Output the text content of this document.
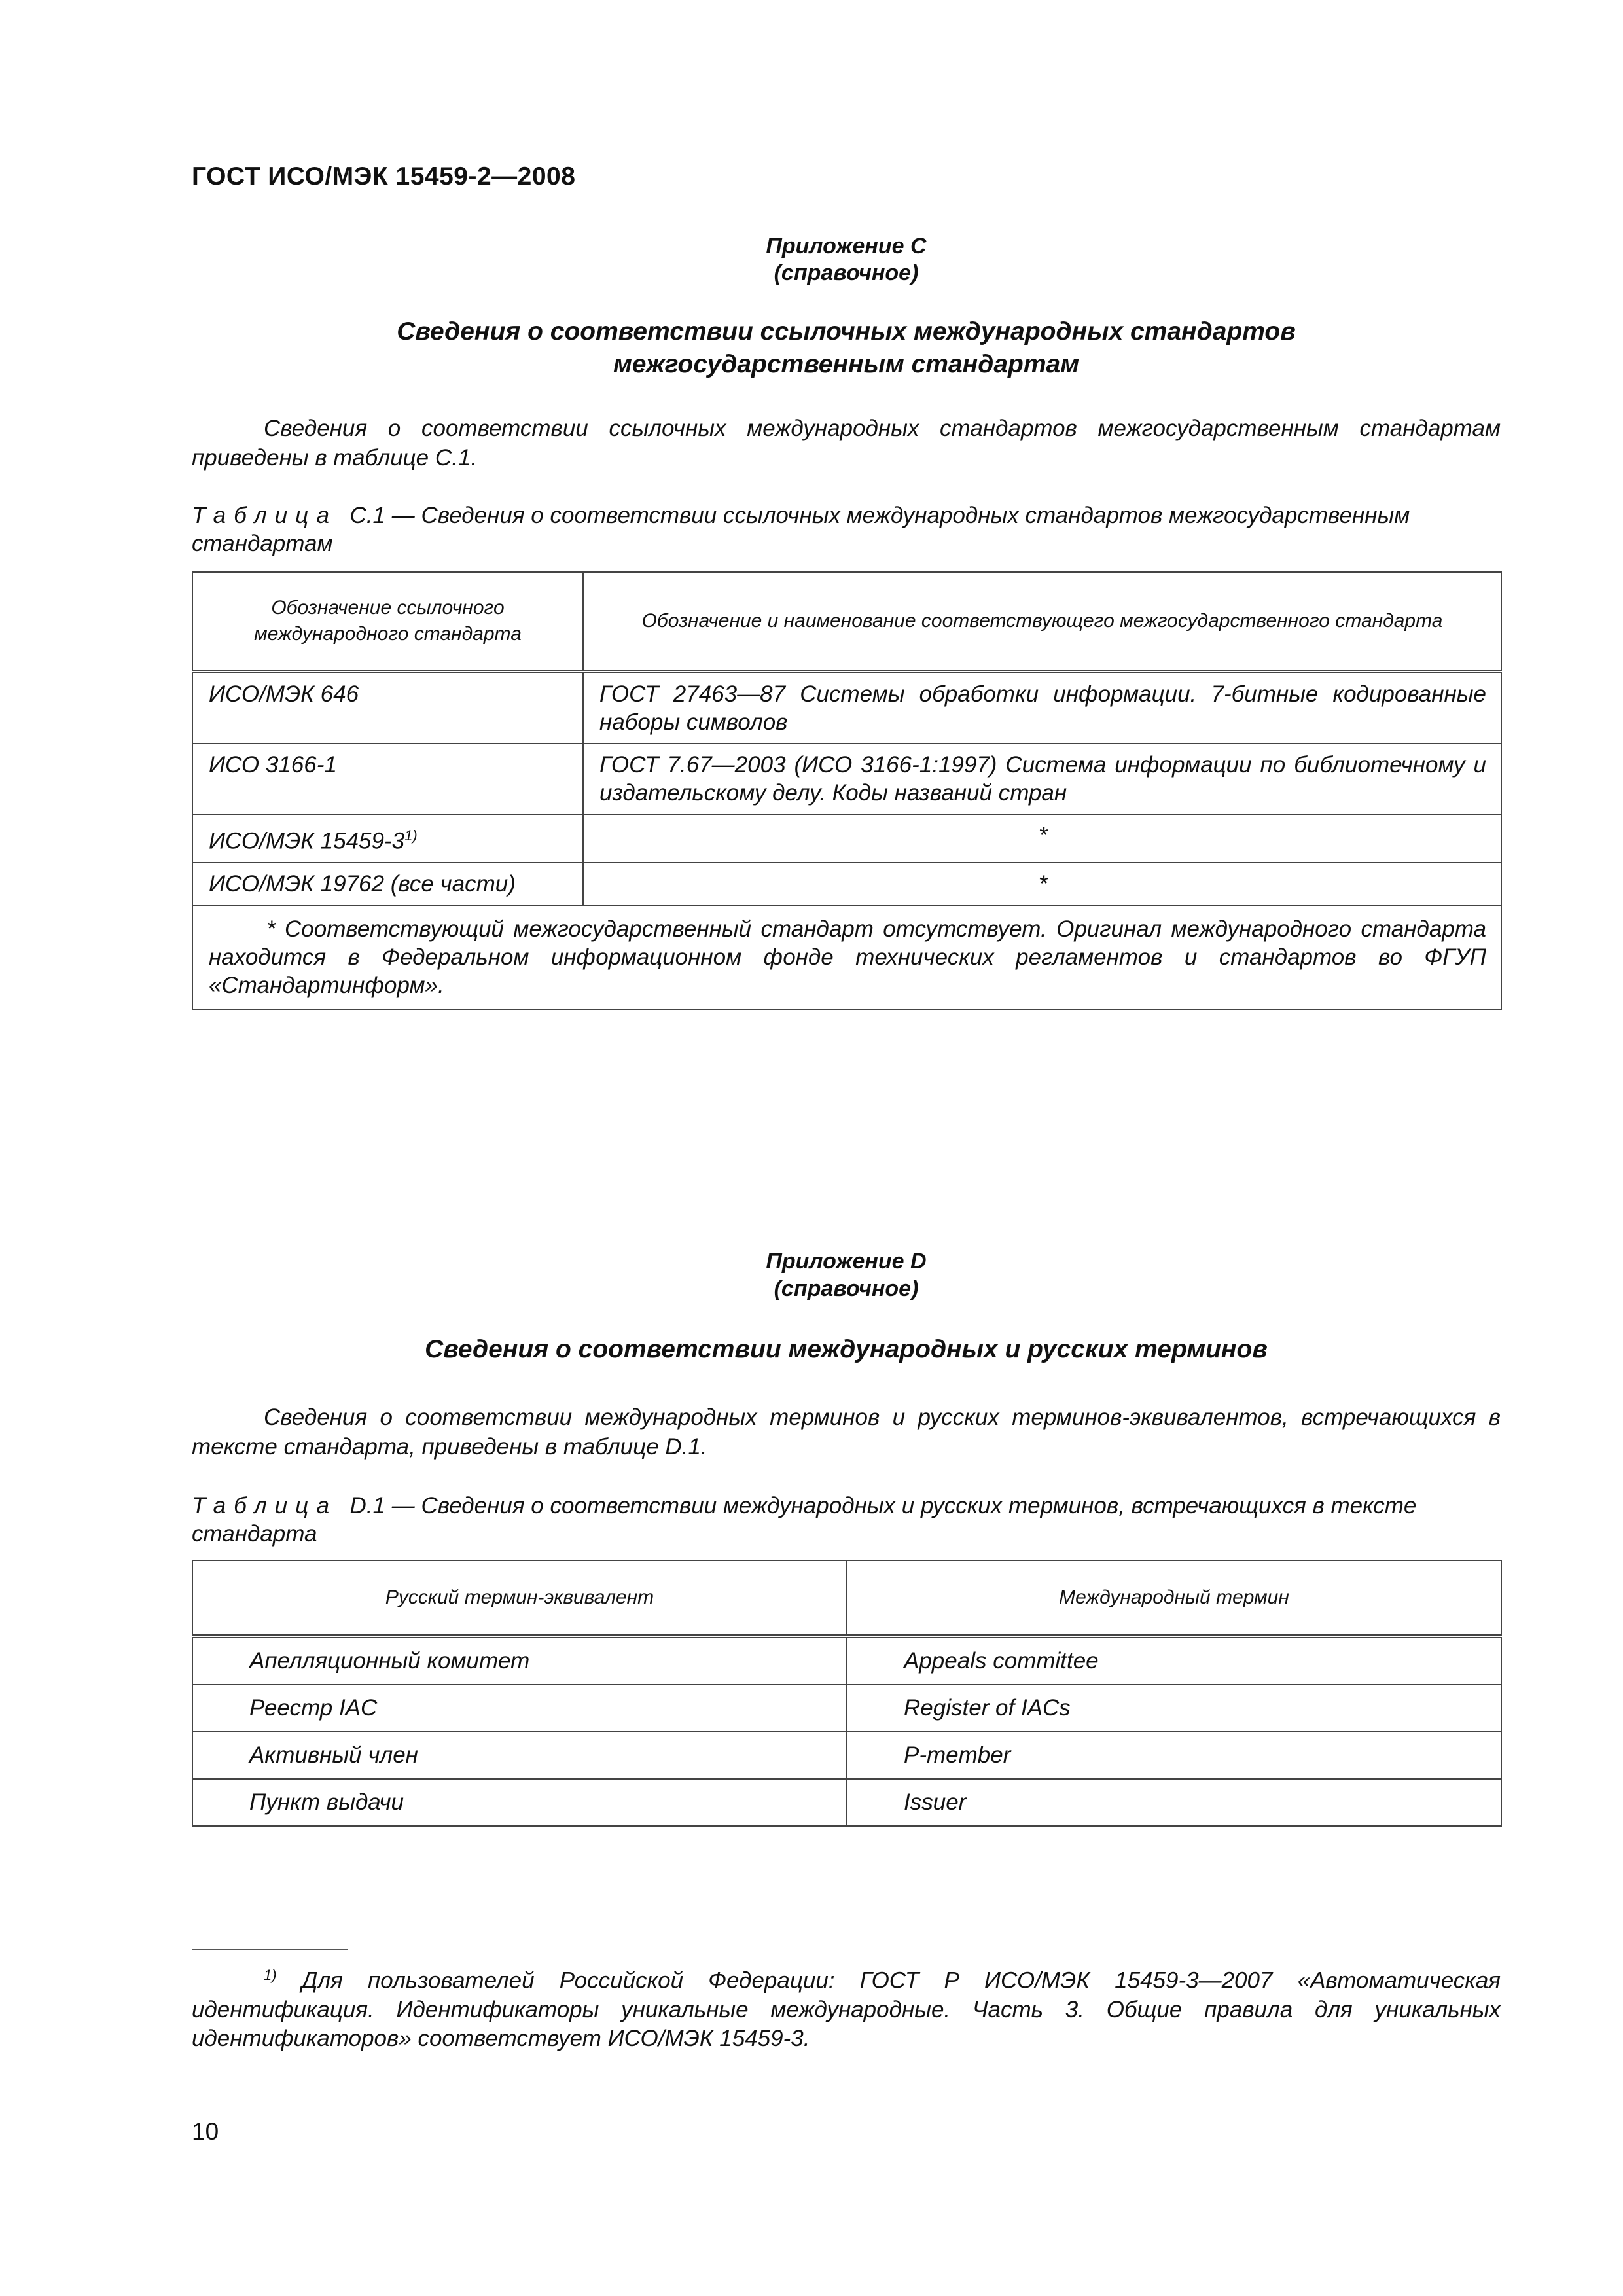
ГОСТ ИСО/МЭК 15459-2—2008
Приложение С
(справочное)
Сведения о соответствии ссылочных международных стандартов
межгосударственным стандартам
Сведения о соответствии ссылочных международных стандартов межгосударственным стандартам приведены в таблице С.1.
Таблица С.1 — Сведения о соответствии ссылочных международных стандартов межгосударственным стандартам
Обозначение ссылочного международного стандарта	Обозначение и наименование соответствующего межгосударственного стандарта
ИСО/МЭК 646	ГОСТ 27463—87 Системы обработки информации. 7-битные кодированные наборы символов
ИСО 3166-1	ГОСТ 7.67—2003 (ИСО 3166-1:1997) Система информации по библиотечному и издательскому делу. Коды названий стран
ИСО/МЭК 15459-3$^{1)}$	*
ИСО/МЭК 19762 (все части)	*
* Соответствующий межгосударственный стандарт отсутствует. Оригинал международного стандарта находится в Федеральном информационном фонде технических регламентов и стандартов во ФГУП «Стандартинформ».	
Приложение D
(справочное)
Сведения о соответствии международных и русских терминов
Сведения о соответствии международных терминов и русских терминов-эквивалентов, встречающихся в тексте стандарта, приведены в таблице D.1.
Таблица D.1 — Сведения о соответствии международных и русских терминов, встречающихся в тексте стандарта
Русский термин-эквивалент	Международный термин
Апелляционный комитет	Appeals committee
Реестр IAC	Register of IACs
Активный член	P-member
Пункт выдачи	Issuer
$^{1)}$ Для пользователей Российской Федерации: ГОСТ Р ИСО/МЭК 15459-3—2007 «Автоматическая идентификация. Идентификаторы уникальные международные. Часть 3. Общие правила для уникальных идентификаторов» соответствует ИСО/МЭК 15459-3.
10
